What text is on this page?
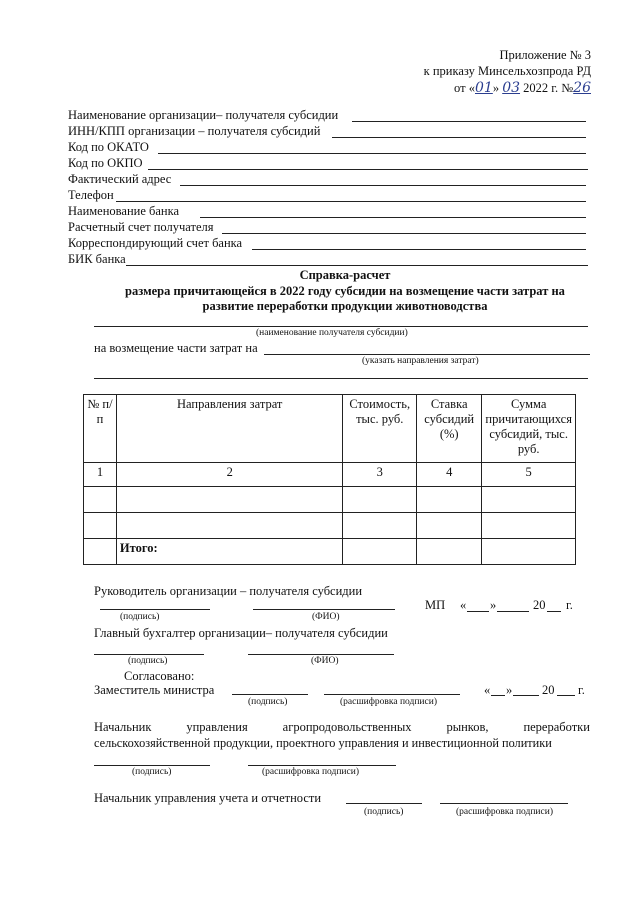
Приложение № 3
к приказу Минсельхозпрода РД
от «01» 03 2022 г. №26
Наименование организации– получателя субсидии
ИНН/КПП организации – получателя субсидий
Код по ОКАТО
Код по ОКПО
Фактический адрес
Телефон
Наименование банка
Расчетный счет получателя
Корреспондирующий счет банка
БИК банка
Справка-расчет
размера причитающейся в 2022 году субсидии на возмещение части затрат на
развитие переработки продукции животноводства
(наименование получателя субсидии)
на возмещение части затрат на
(указать направления затрат)
№ п/п	Направления затрат	Стоимость, тыс. руб.	Ставка субсидий (%)	Сумма причитающихся субсидий, тыс. руб.
1	2	3	4	5

	Итого:			
Руководитель организации – получателя субсидии
МП « »	20 г.
(подпись)	(ФИО)
Главный бухгалтер организации– получателя субсидии
(подпись)	(ФИО)
Согласовано:
Заместитель министра	« » 20 г.
(подпись)	(расшифровка подписи)
Начальник	управления	агропродовольственных	рынков,	переработки
сельскохозяйственной продукции, проектного управления и инвестиционной политики
(подпись)	(расшифровка подписи)
Начальник управления учета и отчетности
(подпись)	(расшифровка подписи)
